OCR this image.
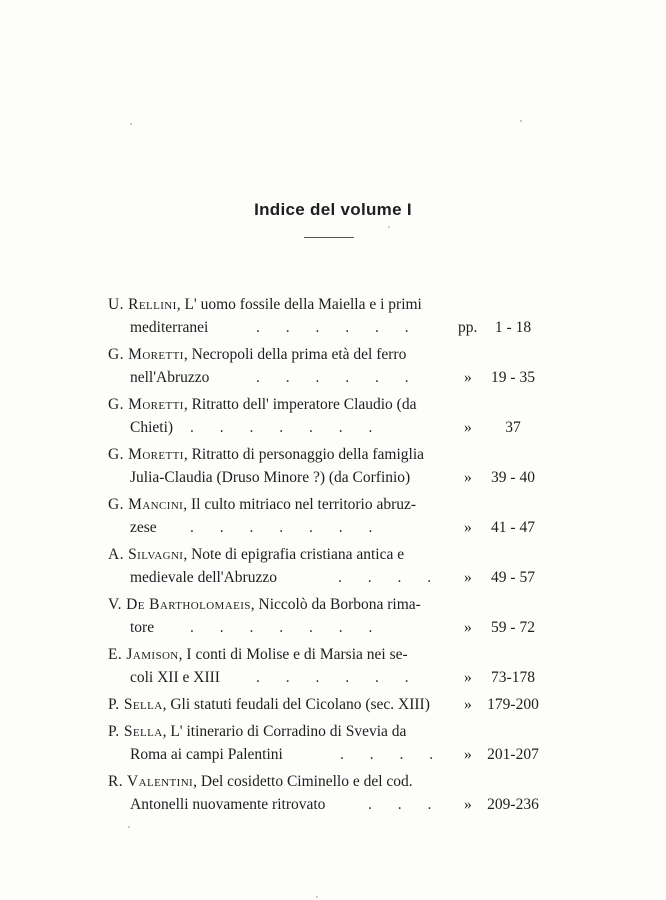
Indice del volume I
U. Rellini, L' uomo fossile della Maiella e i primi
mediterranei	. . . . . . pp.	1 - 18
G. Moretti, Necropoli della prima età del ferro
nell'Abruzzo	. . . . . .	»	19 - 35
G. Moretti, Ritratto dell' imperatore Claudio (da
Chieti) . . . . . . .	»	37
G. Moretti, Ritratto di personaggio della famiglia
Julia-Claudia (Druso Minore ?) (da Corfinio)	»	39 - 40
G. Mancini, Il culto mitriaco nel territorio abruz-
zese . . . . . . .	»	41 - 47
A. Silvagni, Note di epigrafia cristiana antica e
medievale dell'Abruzzo	. . . . »	49 - 57
V. De Bartholomaeis, Niccolò da Borbona rima-
tore . . . . . . .	»	59 - 72
E. Jamison, I conti di Molise e di Marsia nei se-
coli XII e XIII . . . . . .	»	73-178
P. Sella, Gli statuti feudali del Cicolano (sec. XIII) » 179-200
P. Sella, L' itinerario di Corradino di Svevia da
Roma ai campi Palentini	. . . . » 201-207
R. Valentini, Del cosidetto Ciminello e del cod.
Antonelli nuovamente ritrovato	. . . » 209-236
